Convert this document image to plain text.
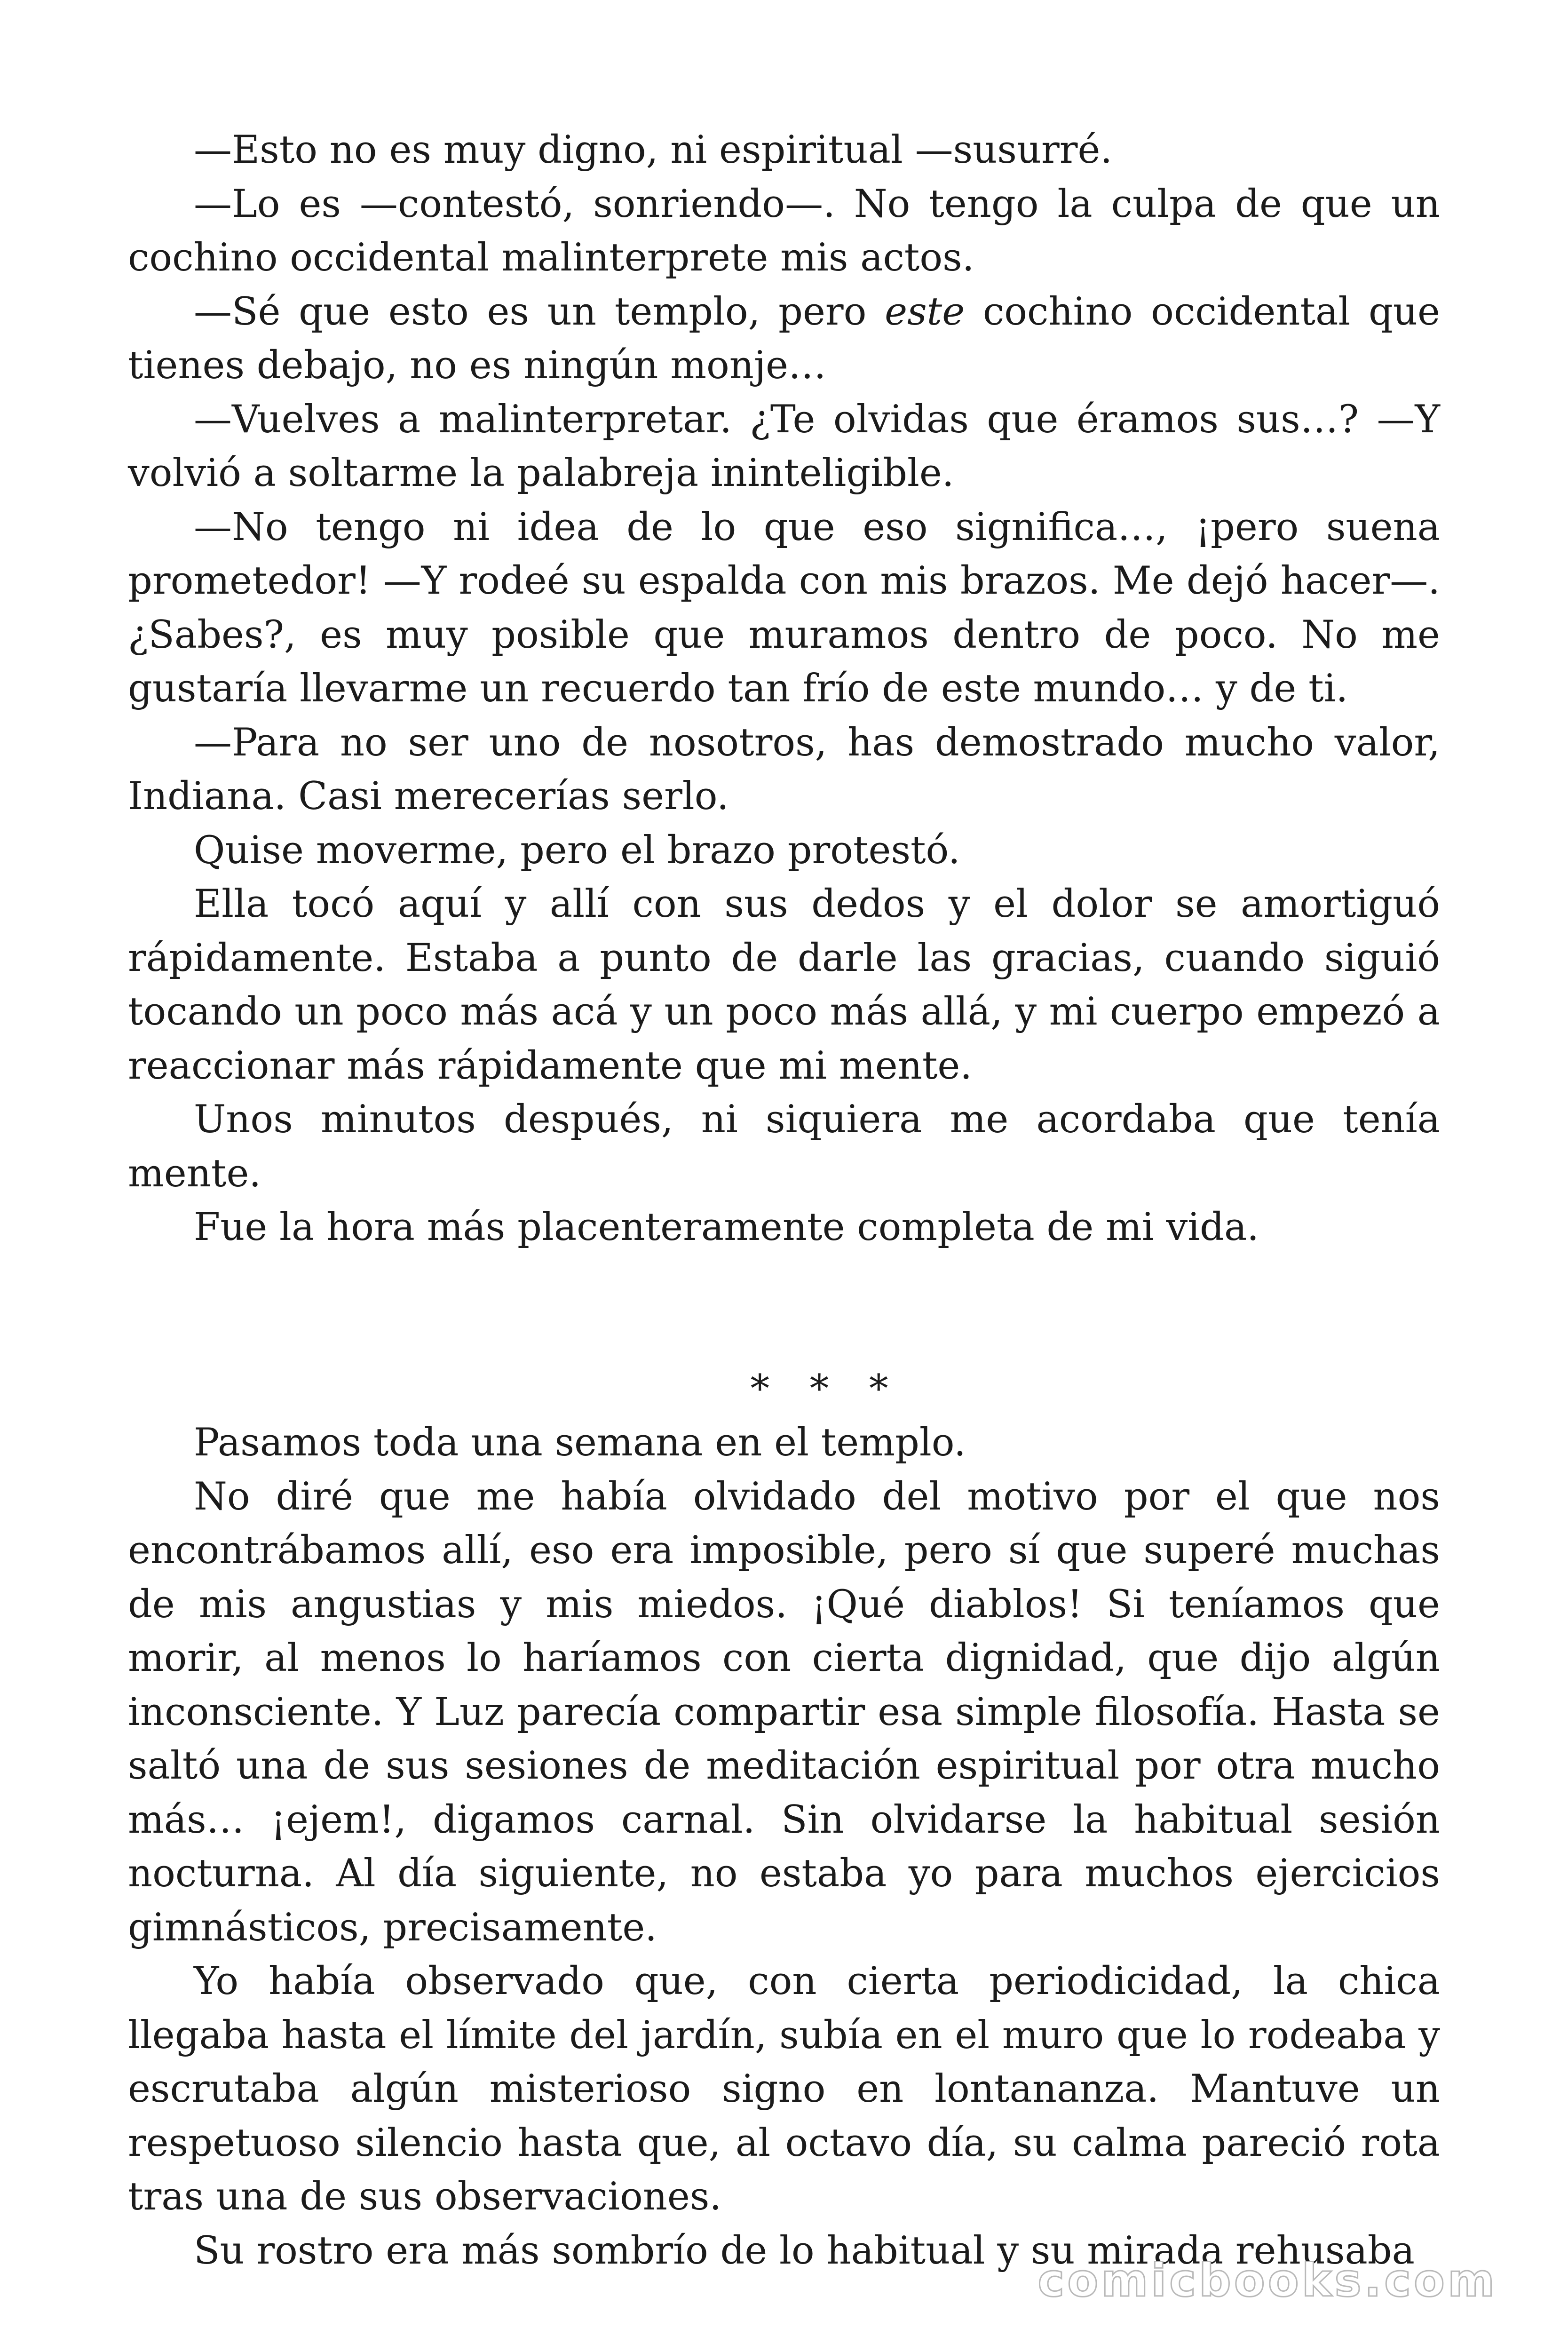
—Esto no es muy digno, ni espiritual —susurré.

—Lo es —contestó, sonriendo—. No tengo la culpa de que un cochino occidental malinterprete mis actos.

—Sé que esto es un templo, pero este cochino occidental que tienes debajo, no es ningún monje…

—Vuelves a malinterpretar. ¿Te olvidas que éramos sus…? —Y volvió a soltarme la palabreja ininteligible.

—No tengo ni idea de lo que eso significa…, ¡pero suena prometedor! —Y rodeé su espalda con mis brazos. Me dejó hacer—. ¿Sabes?, es muy posible que muramos dentro de poco. No me gustaría llevarme un recuerdo tan frío de este mundo… y de ti.

—Para no ser uno de nosotros, has demostrado mucho valor, Indiana. Casi merecerías serlo.

Quise moverme, pero el brazo protestó.

Ella tocó aquí y allí con sus dedos y el dolor se amortiguó rápidamente. Estaba a punto de darle las gracias, cuando siguió tocando un poco más acá y un poco más allá, y mi cuerpo empezó a reaccionar más rápidamente que mi mente.

Unos minutos después, ni siquiera me acordaba que tenía mente.

Fue la hora más placenteramente completa de mi vida.

* * *

Pasamos toda una semana en el templo.

No diré que me había olvidado del motivo por el que nos encontrábamos allí, eso era imposible, pero sí que superé muchas de mis angustias y mis miedos. ¡Qué diablos! Si teníamos que morir, al menos lo haríamos con cierta dignidad, que dijo algún inconsciente. Y Luz parecía compartir esa simple filosofía. Hasta se saltó una de sus sesiones de meditación espiritual por otra mucho más… ¡ejem!, digamos carnal. Sin olvidarse la habitual sesión nocturna. Al día siguiente, no estaba yo para muchos ejercicios gimnásticos, precisamente.

Yo había observado que, con cierta periodicidad, la chica llegaba hasta el límite del jardín, subía en el muro que lo rodeaba y escrutaba algún misterioso signo en lontananza. Mantuve un respetuoso silencio hasta que, al octavo día, su calma pareció rota tras una de sus observaciones.

Su rostro era más sombrío de lo habitual y su mirada rehusaba

comicbooks.com
